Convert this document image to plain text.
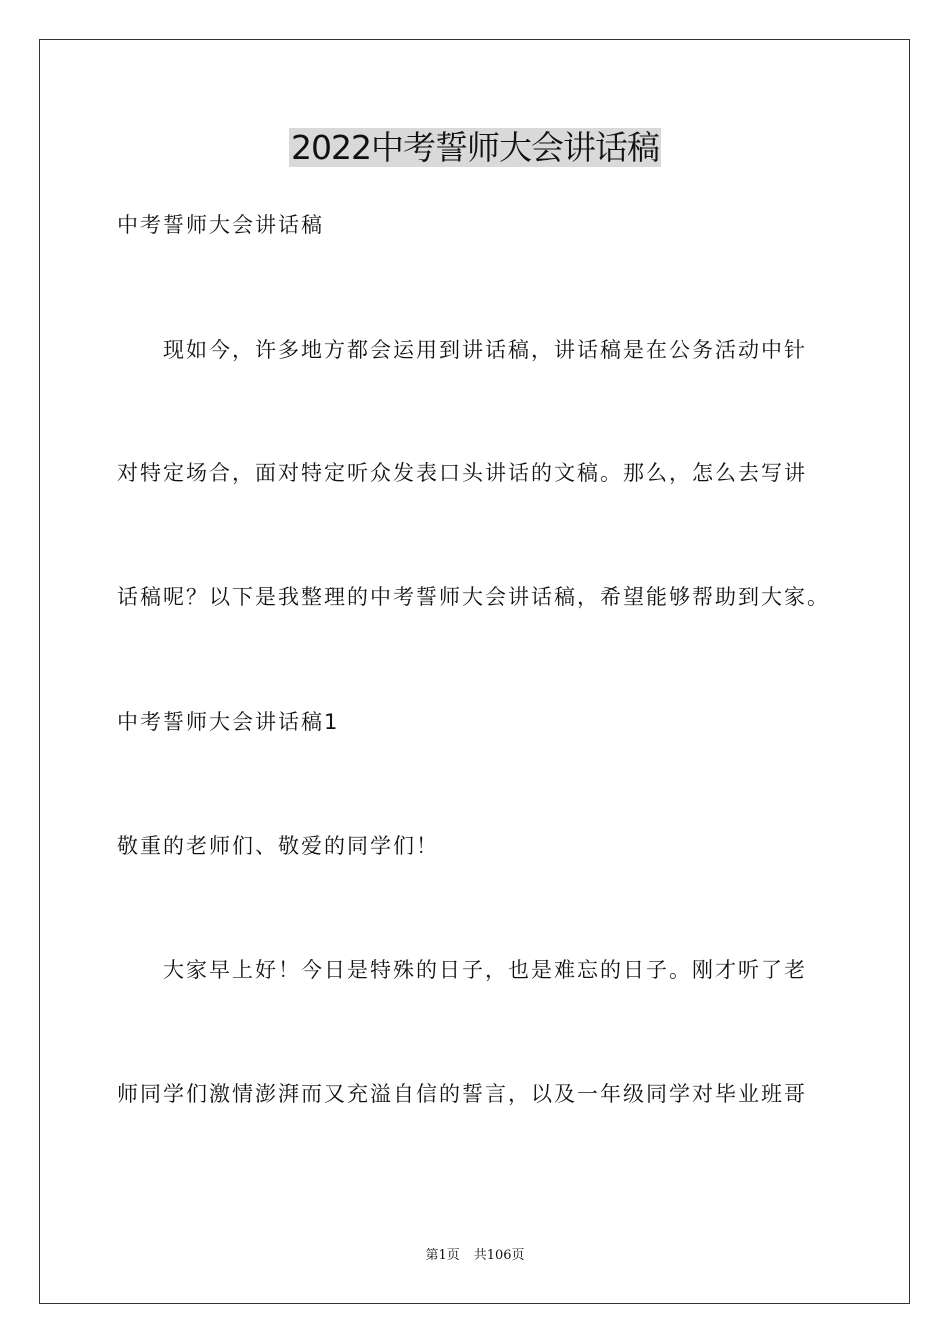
2022中考誓师大会讲话稿
中考誓师大会讲话稿
现如今，许多地方都会运用到讲话稿，讲话稿是在公务活动中针
对特定场合，面对特定听众发表口头讲话的文稿。那么，怎么去写讲
话稿呢？以下是我整理的中考誓师大会讲话稿，希望能够帮助到大家。
中考誓师大会讲话稿1
敬重的老师们、敬爱的同学们！
大家早上好！今日是特殊的日子，也是难忘的日子。刚才听了老
师同学们激情澎湃而又充溢自信的誓言，以及一年级同学对毕业班哥
第1页 共106页
